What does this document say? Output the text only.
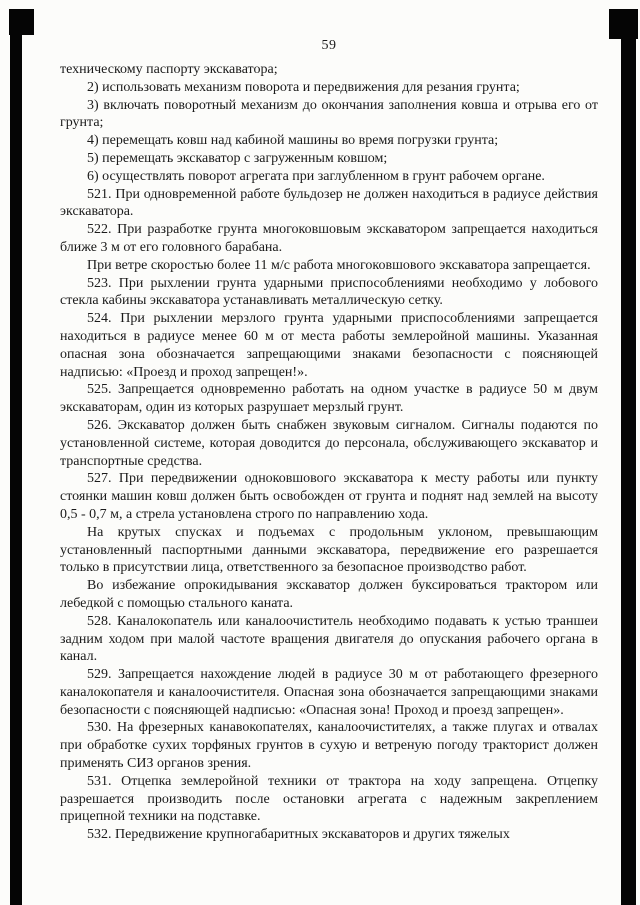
59

техническому паспорту экскаватора;

2) использовать механизм поворота и передвижения для резания грунта;

3) включать поворотный механизм до окончания заполнения ковша и отрыва его от грунта;

4) перемещать ковш над кабиной машины во время погрузки грунта;

5) перемещать экскаватор с загруженным ковшом;

6) осуществлять поворот агрегата при заглубленном в грунт рабочем органе.

521. При одновременной работе бульдозер не должен находиться в радиусе действия экскаватора.

522. При разработке грунта многоковшовым экскаватором запрещается находиться ближе 3 м от его головного барабана.

При ветре скоростью более 11 м/с работа многоковшового экскаватора запрещается.

523. При рыхлении грунта ударными приспособлениями необходимо у лобового стекла кабины экскаватора устанавливать металлическую сетку.

524. При рыхлении мерзлого грунта ударными приспособлениями запрещается находиться в радиусе менее 60 м от места работы землеройной машины. Указанная опасная зона обозначается запрещающими знаками безопасности с поясняющей надписью: «Проезд и проход запрещен!».

525. Запрещается одновременно работать на одном участке в радиусе 50 м двум экскаваторам, один из которых разрушает мерзлый грунт.

526. Экскаватор должен быть снабжен звуковым сигналом. Сигналы подаются по установленной системе, которая доводится до персонала, обслуживающего экскаватор и транспортные средства.

527. При передвижении одноковшового экскаватора к месту работы или пункту стоянки машин ковш должен быть освобожден от грунта и поднят над землей на высоту 0,5 - 0,7 м, а стрела установлена строго по направлению хода.

На крутых спусках и подъемах с продольным уклоном, превышающим установленный паспортными данными экскаватора, передвижение его разрешается только в присутствии лица, ответственного за безопасное производство работ.

Во избежание опрокидывания экскаватор должен буксироваться трактором или лебедкой с помощью стального каната.

528. Каналокопатель или каналоочиститель необходимо подавать к устью траншеи задним ходом при малой частоте вращения двигателя до опускания рабочего органа в канал.

529. Запрещается нахождение людей в радиусе 30 м от работающего фрезерного каналокопателя и каналоочистителя. Опасная зона обозначается запрещающими знаками безопасности с поясняющей надписью: «Опасная зона! Проход и проезд запрещен».

530. На фрезерных канавокопателях, каналоочистителях, а также плугах и отвалах при обработке сухих торфяных грунтов в сухую и ветреную погоду тракторист должен применять СИЗ органов зрения.

531. Отцепка землеройной техники от трактора на ходу запрещена. Отцепку разрешается производить после остановки агрегата с надежным закреплением прицепной техники на подставке.

532. Передвижение крупногабаритных экскаваторов и других тяжелых
